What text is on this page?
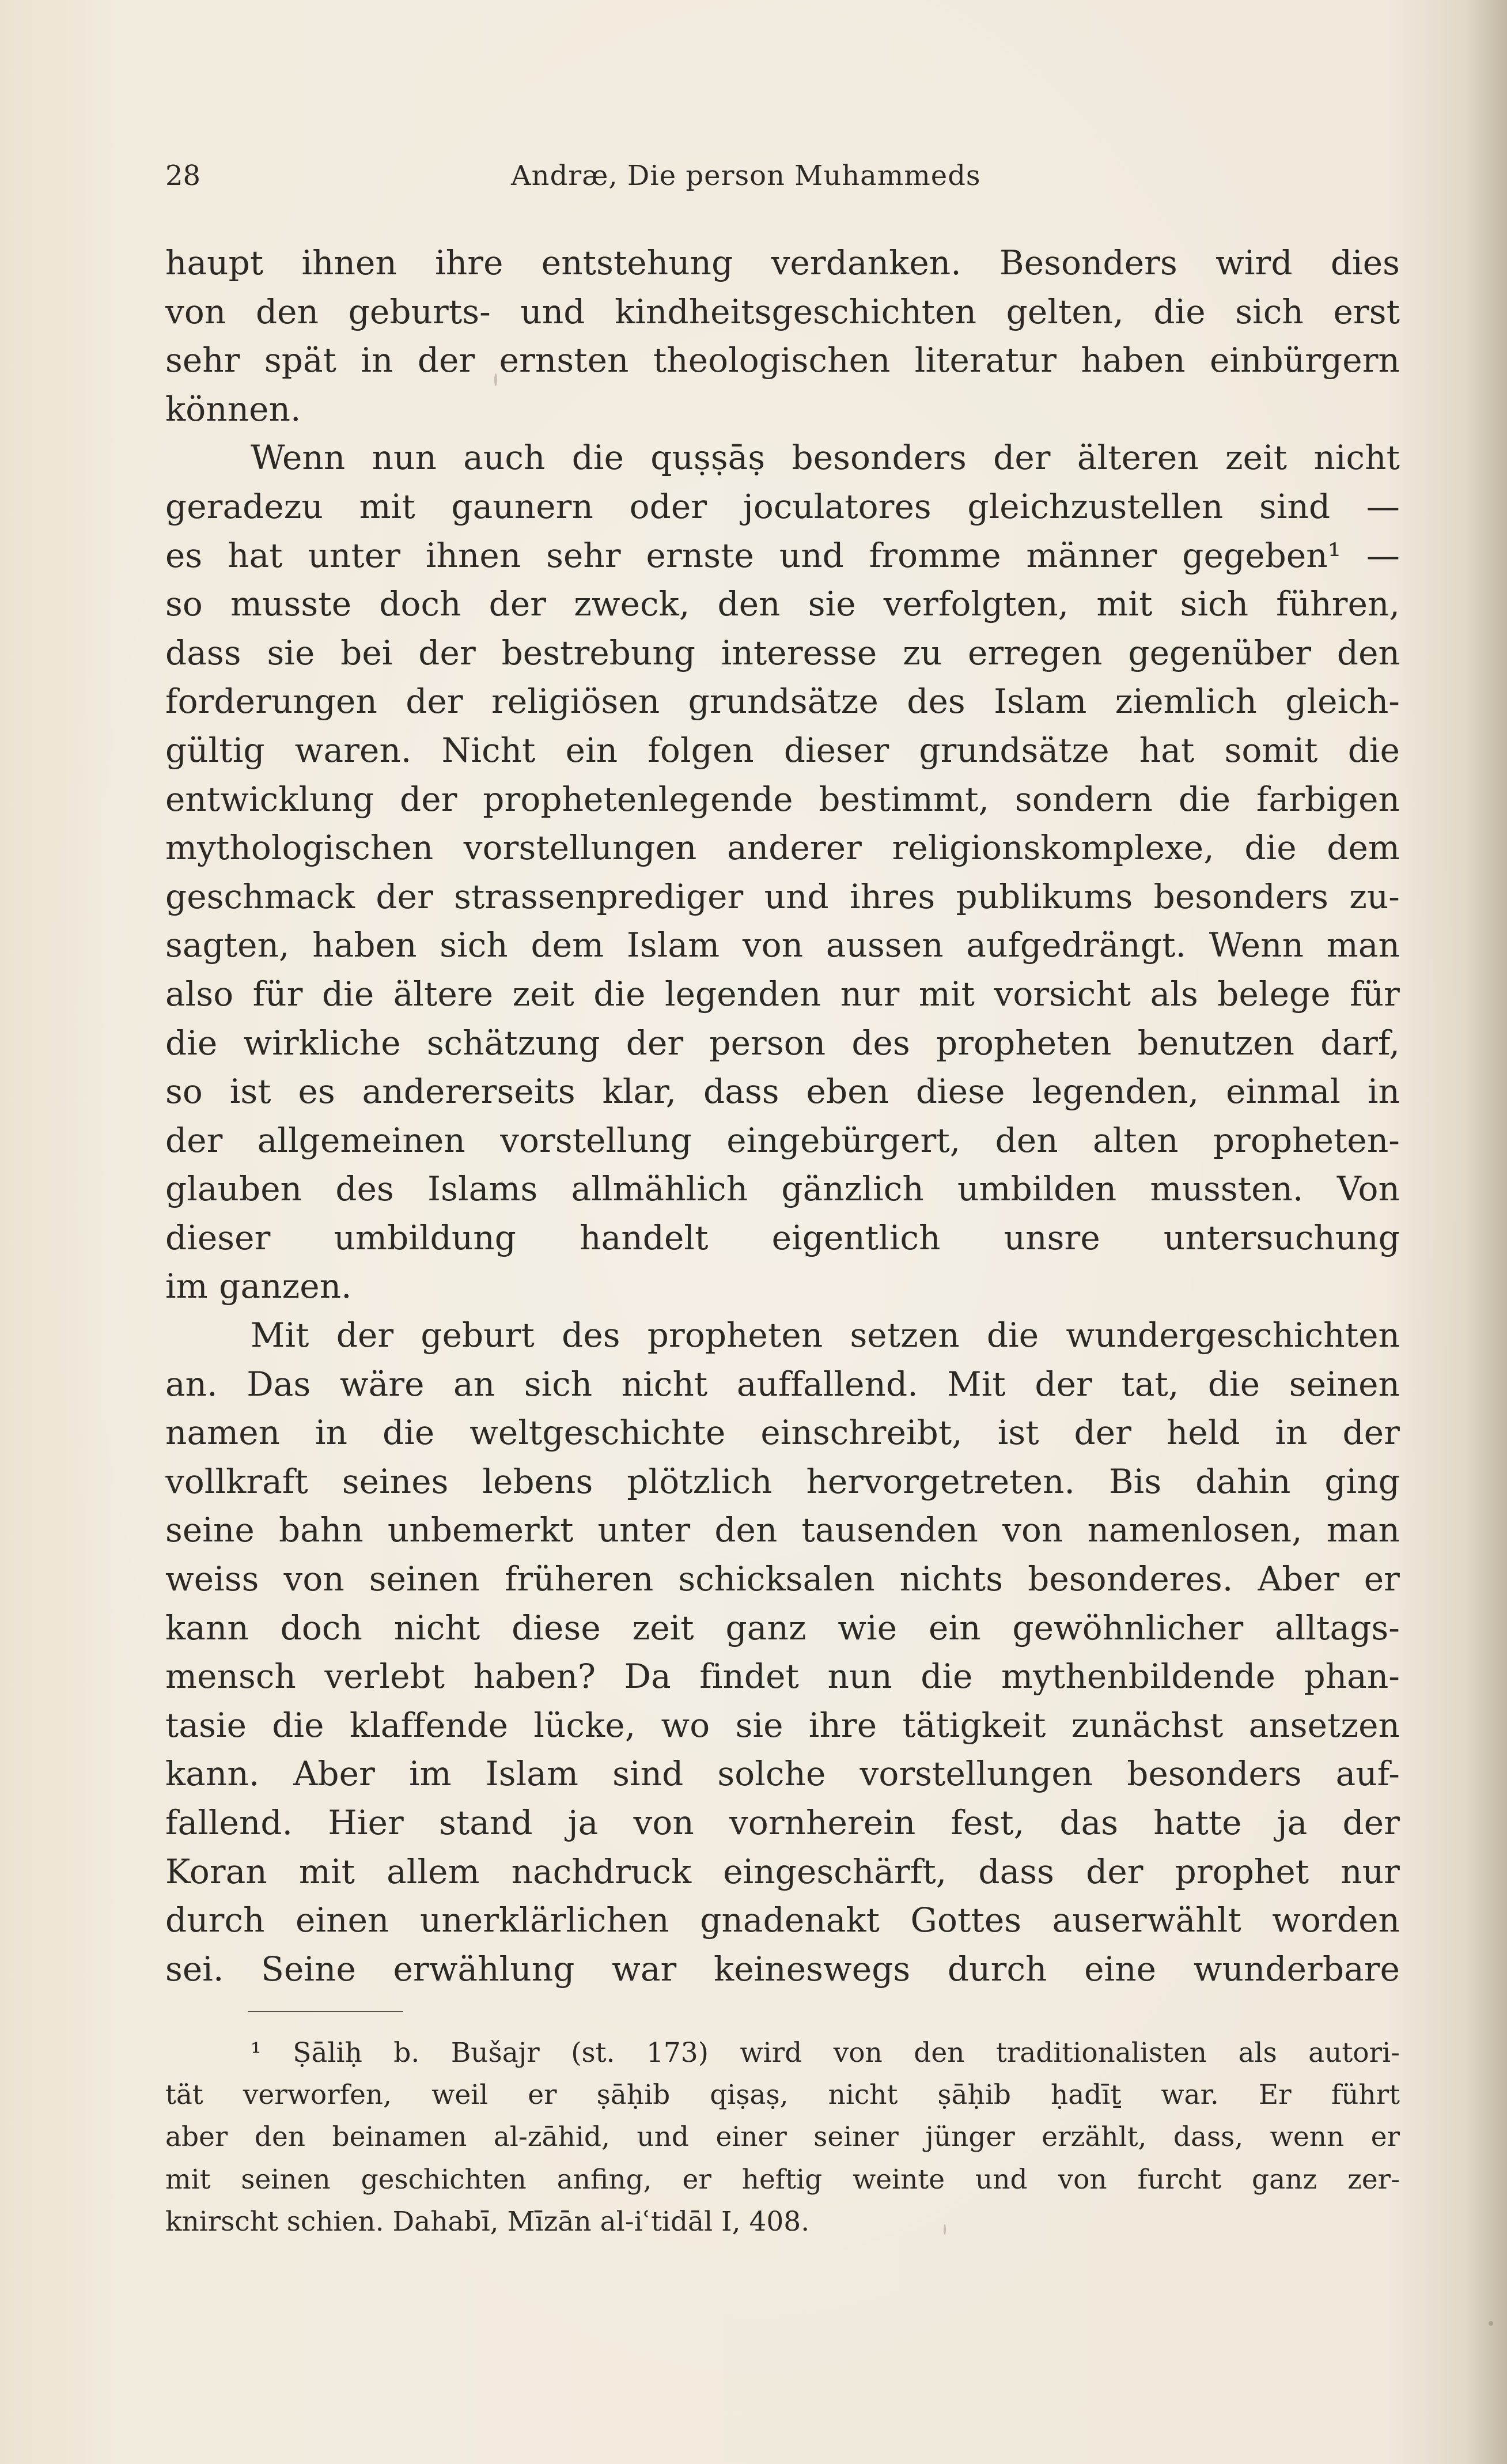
28	Andræ, Die person Muhammeds
haupt ihnen ihre entstehung verdanken. Besonders wird dies
von den geburts- und kindheitsgeschichten gelten, die sich erst
sehr spät in der ernsten theologischen literatur haben einbürgern
können.
Wenn nun auch die quṣṣāṣ besonders der älteren zeit nicht
geradezu mit gaunern oder joculatores gleichzustellen sind —
es hat unter ihnen sehr ernste und fromme männer gegeben¹ —
so musste doch der zweck, den sie verfolgten, mit sich führen,
dass sie bei der bestrebung interesse zu erregen gegenüber den
forderungen der religiösen grundsätze des Islam ziemlich gleich-
gültig waren. Nicht ein folgen dieser grundsätze hat somit die
entwicklung der prophetenlegende bestimmt, sondern die farbigen
mythologischen vorstellungen anderer religionskomplexe, die dem
geschmack der strassenprediger und ihres publikums besonders zu-
sagten, haben sich dem Islam von aussen aufgedrängt. Wenn man
also für die ältere zeit die legenden nur mit vorsicht als belege für
die wirkliche schätzung der person des propheten benutzen darf,
so ist es andererseits klar, dass eben diese legenden, einmal in
der allgemeinen vorstellung eingebürgert, den alten propheten-
glauben des Islams allmählich gänzlich umbilden mussten. Von
dieser umbildung handelt eigentlich unsre untersuchung
im ganzen.
Mit der geburt des propheten setzen die wundergeschichten
an. Das wäre an sich nicht auffallend. Mit der tat, die seinen
namen in die weltgeschichte einschreibt, ist der held in der
vollkraft seines lebens plötzlich hervorgetreten. Bis dahin ging
seine bahn unbemerkt unter den tausenden von namenlosen, man
weiss von seinen früheren schicksalen nichts besonderes. Aber er
kann doch nicht diese zeit ganz wie ein gewöhnlicher alltags-
mensch verlebt haben? Da findet nun die mythenbildende phan-
tasie die klaffende lücke, wo sie ihre tätigkeit zunächst ansetzen
kann. Aber im Islam sind solche vorstellungen besonders auf-
fallend. Hier stand ja von vornherein fest, das hatte ja der
Koran mit allem nachdruck eingeschärft, dass der prophet nur
durch einen unerklärlichen gnadenakt Gottes auserwählt worden
sei. Seine erwählung war keineswegs durch eine wunderbare
¹ Ṣāliḥ b. Bušajr (st. 173) wird von den traditionalisten als autori-
tät verworfen, weil er ṣāḥib qiṣaṣ, nicht ṣāḥib ḥadīṯ war. Er führt
aber den beinamen al-zāhid, und einer seiner jünger erzählt, dass, wenn er
mit seinen geschichten anfing, er heftig weinte und von furcht ganz zer-
knirscht schien. Dahabī, Mīzān al-iʿtidāl I, 408.
